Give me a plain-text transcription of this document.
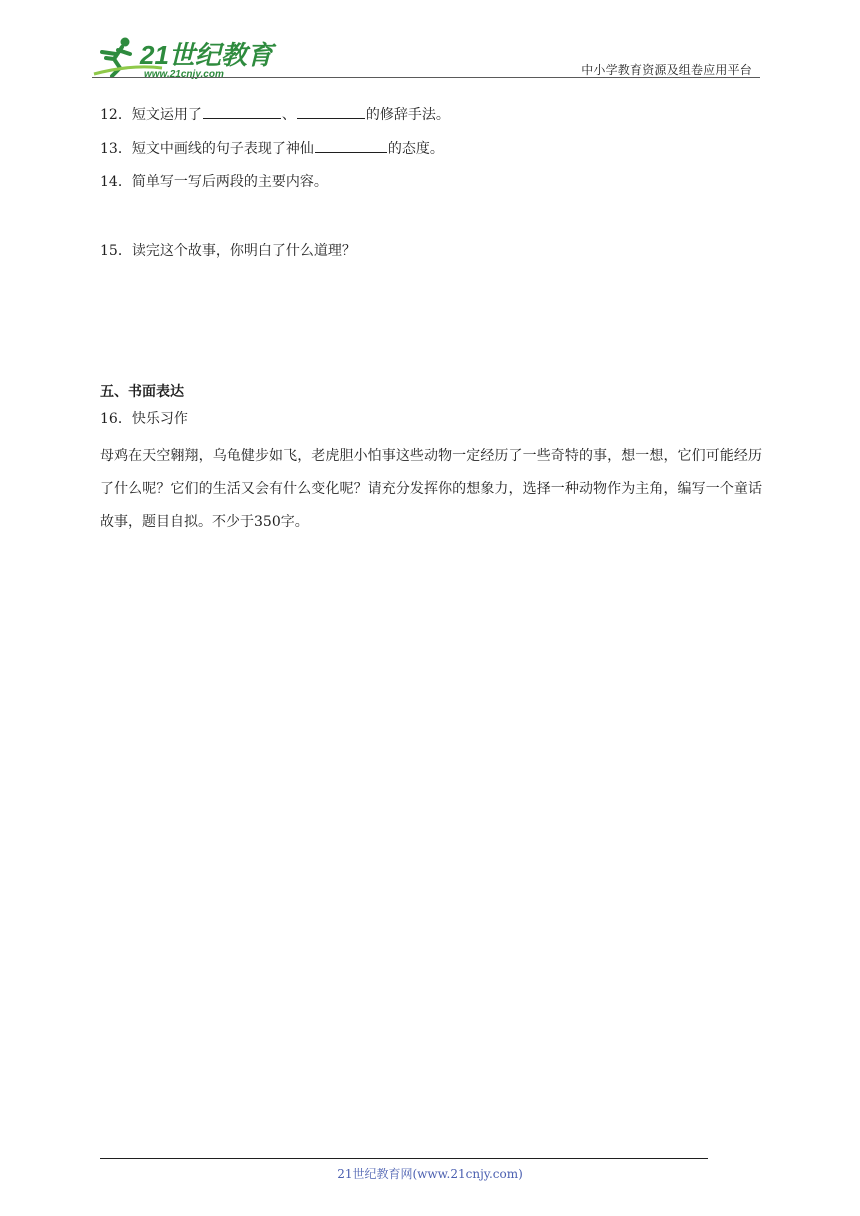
21世纪教育
www.21cnjy.com	中小学教育资源及组卷应用平台
12．短文运用了	、	的修辞手法。
13．短文中画线的句子表现了神仙	的态度。
14．简单写一写后两段的主要内容。
15．读完这个故事，你明白了什么道理？
五、书面表达
16．快乐习作
母鸡在天空翱翔，乌龟健步如飞，老虎胆小怕事这些动物一定经历了一些奇特的事，想一想，它们可能经历了什么呢？它们的生活又会有什么变化呢？请充分发挥你的想象力，选择一种动物作为主角，编写一个童话故事，题目自拟。不少于350字。
21世纪教育网(www.21cnjy.com)
